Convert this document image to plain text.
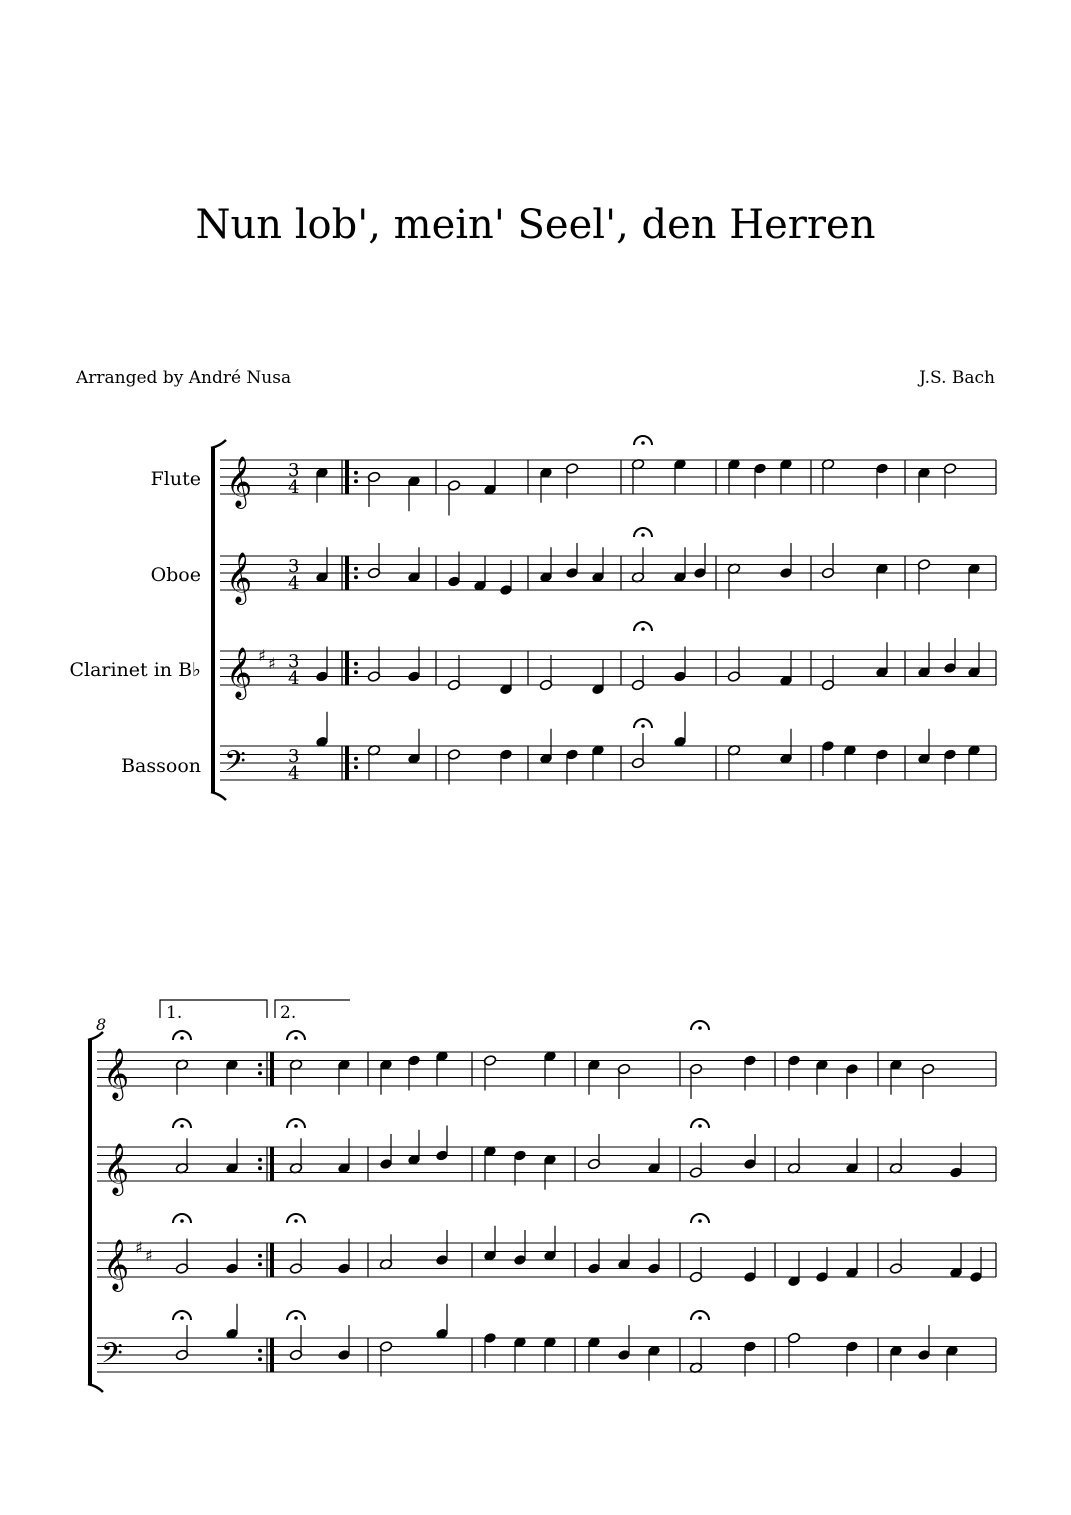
Nun lob', mein' Seel', den Herren
Arranged by André Nusa	J.S. Bach
Flute
Oboe
Clarinet in B♭
Bassoon
8
1.	2.
𝄞 3
4
𝄞 3
4
𝄞 3
4
♯ ♯
𝄢 3
4
𝄞
𝄞
𝄞 ♯ ♯
𝄢
